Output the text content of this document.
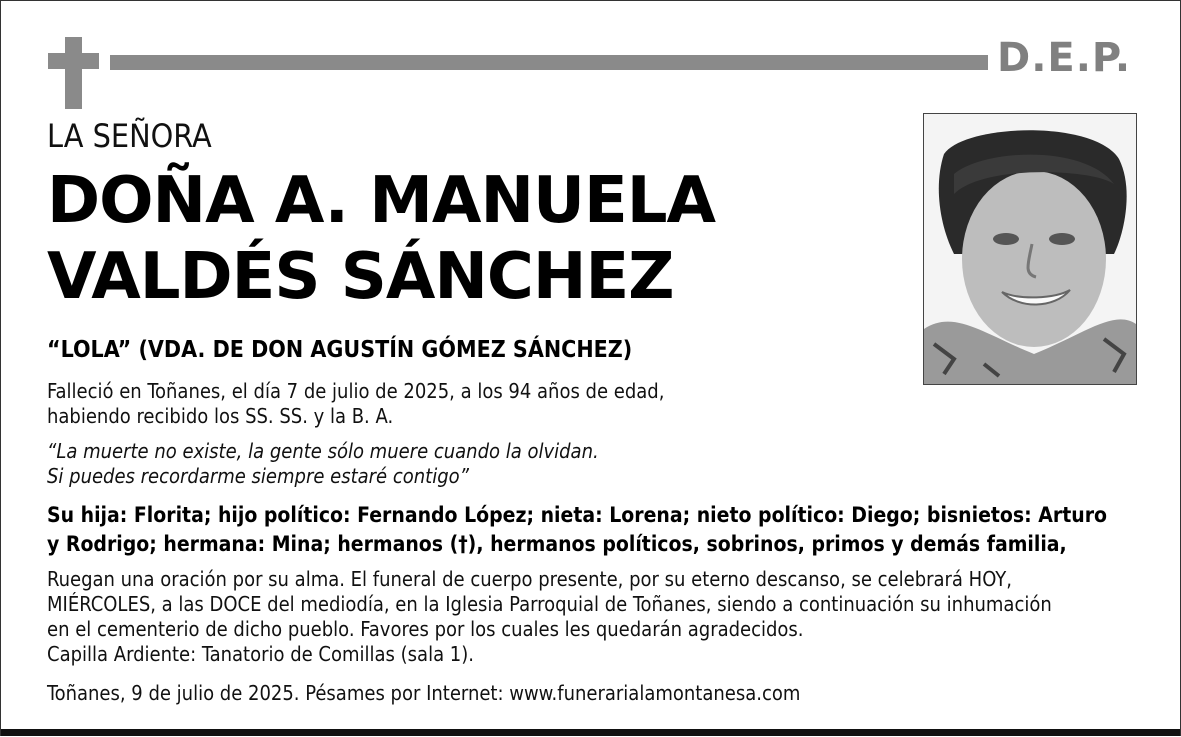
D.E.P.
LA SEÑORA
DOÑA A. MANUELA
VALDÉS SÁNCHEZ
“LOLA” (VDA. DE DON AGUSTÍN GÓMEZ SÁNCHEZ)
Falleció en Toñanes, el día 7 de julio de 2025, a los 94 años de edad,
habiendo recibido los SS. SS. y la B. A.
“La muerte no existe, la gente sólo muere cuando la olvidan.
Si puedes recordarme siempre estaré contigo”
Su hija: Florita; hijo político: Fernando López; nieta: Lorena; nieto político: Diego; bisnietos: Arturo
y Rodrigo; hermana: Mina; hermanos (†), hermanos políticos, sobrinos, primos y demás familia,
Ruegan una oración por su alma. El funeral de cuerpo presente, por su eterno descanso, se celebrará HOY,
MIÉRCOLES, a las DOCE del mediodía, en la Iglesia Parroquial de Toñanes, siendo a continuación su inhumación
en el cementerio de dicho pueblo. Favores por los cuales les quedarán agradecidos.
Capilla Ardiente: Tanatorio de Comillas (sala 1).
Toñanes, 9 de julio de 2025. Pésames por Internet: www.funerarialamontanesa.com
